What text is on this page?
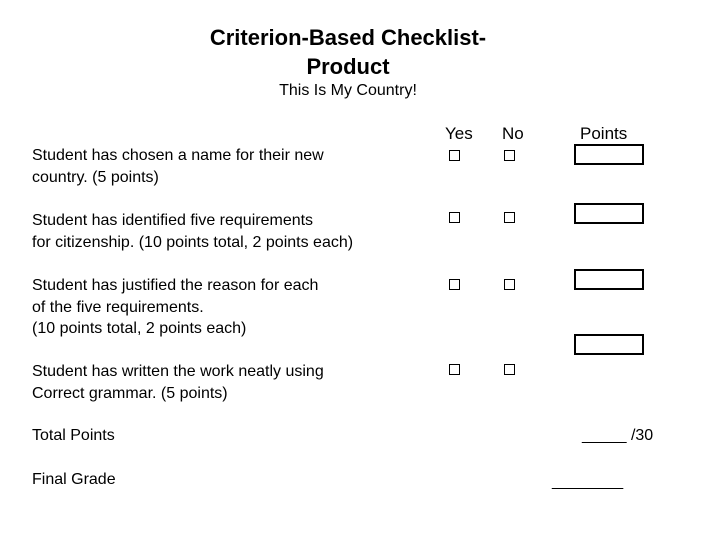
Criterion-Based Checklist-
Product
This Is My Country!
Yes No	Points
Student has chosen a name for their new
country. (5 points)
Student has identified five requirements
for citizenship. (10 points total, 2 points each)
Student has justified the reason for each
of the five requirements.
(10 points total, 2 points each)
Student has written the work neatly using
Correct grammar. (5 points)
Total Points	_____ /30
Final Grade	________
